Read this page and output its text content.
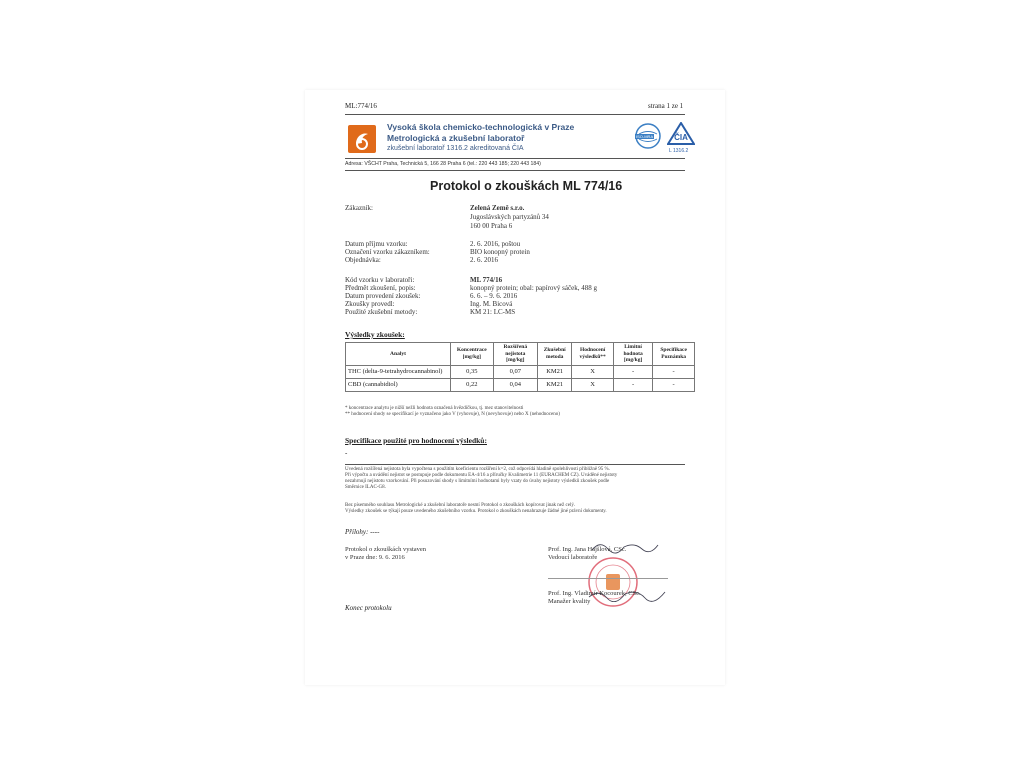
ML:774/16	strana 1 ze 1
Vysoká škola chemicko-technologická v Praze
Metrologická a zkušební laboratoř
zkušební laboratoř 1316.2 akreditovaná ČIA
ISO-MRA	ČIA
L 1316.2
Adresa: VŠCHT Praha, Technická 5, 166 28 Praha 6 (tel.: 220 443 185; 220 443 184)
Protokol o zkouškách ML 774/16
Zákazník:	Zelená Země s.r.o.
Jugoslávských partyzánů 34
160 00 Praha 6
Datum příjmu vzorku:	2. 6. 2016, poštou
Označení vzorku zákazníkem:	BIO konopný protein
Objednávka:	2. 6. 2016
Kód vzorku v laboratoři:	ML 774/16
Předmět zkoušení, popis:	konopný protein; obal: papírový sáček, 488 g
Datum provedení zkoušek:	6. 6. – 9. 6. 2016
Zkoušky provedl:	Ing. M. Bicová
Použité zkušební metody:	KM 21: LC-MS
Výsledky zkoušek:
Analyt	Koncentrace [mg/kg]	Rozšířená nejistota [mg/kg]	Zkušební metoda	Hodnocení výsledků**	Limitní hodnota [mg/kg]	Specifikace Poznámka
THC (delta-9-tetrahydrocannabinol)	0,35	0,07	KM21	X	-	-
CBD (cannabidiol)	0,22	0,04	KM21	X	-	-
* koncentrace analytu je nižší nežli hodnota označená hvězdičkou, tj. mez stanovitelnosti
** hodnocení shody se specifikací je vyznačeno jako V (vyhovuje), N (nevyhovuje) nebo X (nehodnoceno)
Specifikace použité pro hodnocení výsledků:
-
Uvedená rozšířená nejistota byla vypočtena s použitím koeficientu rozšíření k=2, což odpovídá hladině spolehlivosti přibližně 95 %.
Při výpočtu a uvádění nejistot se postupuje podle dokumentu EA-4/16 a příručky Kvalimetrie 11 (EURACHEM CZ). Uváděné nejistoty
nezahrnují nejistotu vzorkování. Při posuzování shody s limitními hodnotami byly vzaty do úvahy nejistoty výsledků zkoušek podle
Směrnice ILAC-G8.
Bez písemného souhlasu Metrologické a zkušební laboratoře nesmí Protokol o zkouškách kopírovat jinak než celý.
Výsledky zkoušek se týkají pouze uvedeného zkušebního vzorku. Protokol o zkouškách nenahrazuje žádné jiné právní dokumenty.
Přílohy: ----
Protokol o zkouškách vystaven
v Praze dne: 9. 6. 2016
Prof. Ing. Jana Hajšlová, CSc.
Vedoucí laboratoře
Prof. Ing. Vladimír Kocourek, CSc.
Manažer kvality
Konec protokolu
